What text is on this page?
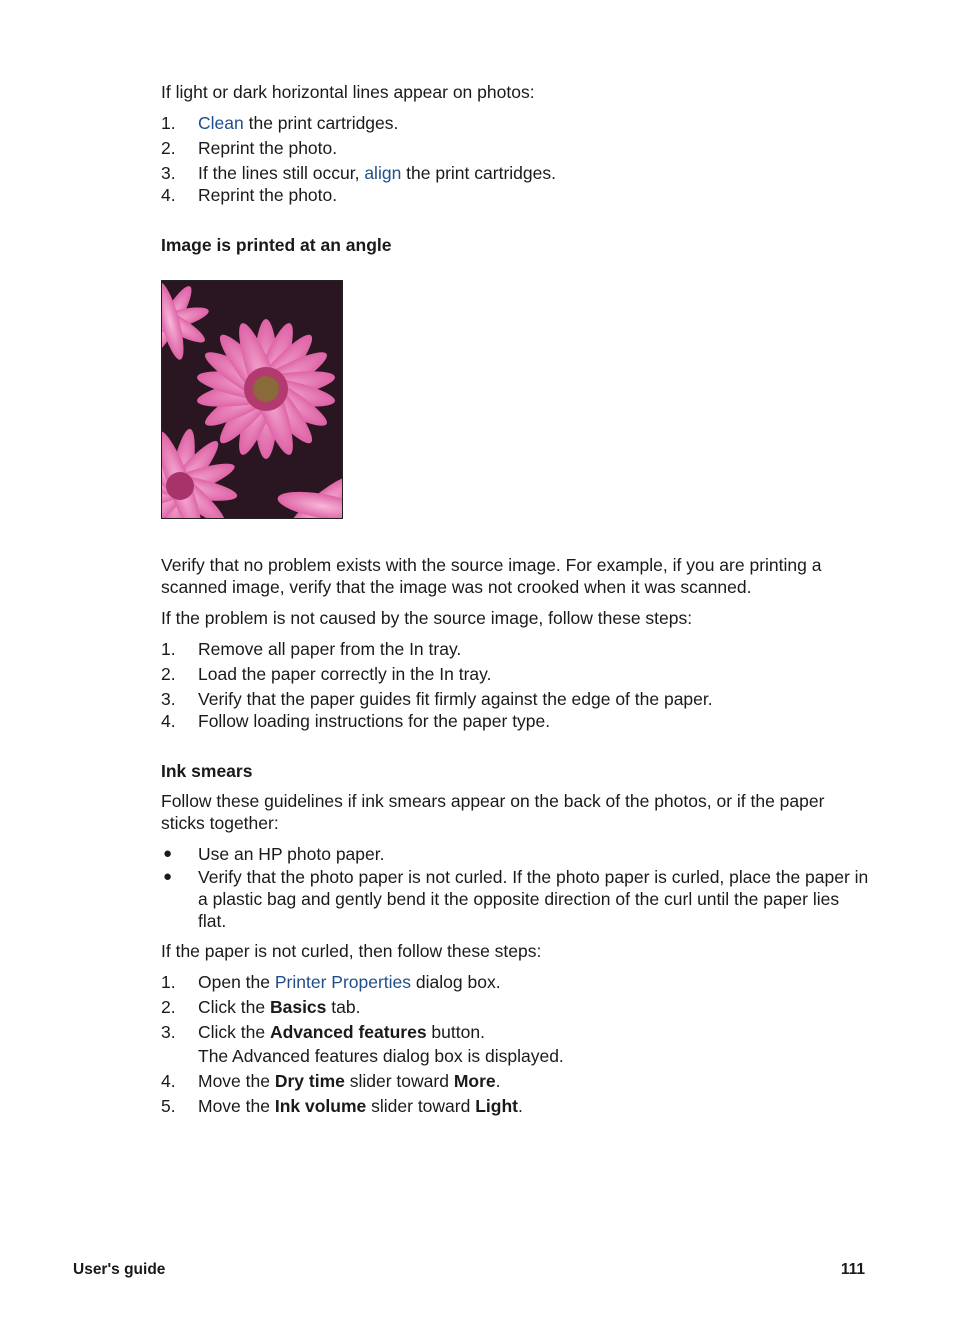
If light or dark horizontal lines appear on photos:

1. Clean the print cartridges.
2. Reprint the photo.
3. If the lines still occur, align the print cartridges.
4. Reprint the photo.
Image is printed at an angle

Verify that no problem exists with the source image. For example, if you are printing a scanned image, verify that the image was not crooked when it was scanned.

If the problem is not caused by the source image, follow these steps:

1. Remove all paper from the In tray.
2. Load the paper correctly in the In tray.
3. Verify that the paper guides fit firmly against the edge of the paper.
4. Follow loading instructions for the paper type.
Ink smears

Follow these guidelines if ink smears appear on the back of the photos, or if the paper sticks together:

● Use an HP photo paper.
● Verify that the photo paper is not curled. If the photo paper is curled, place the paper in a plastic bag and gently bend it the opposite direction of the curl until the paper lies flat.

If the paper is not curled, then follow these steps:

1. Open the Printer Properties dialog box.
2. Click the Basics tab.
3. Click the Advanced features button.
The Advanced features dialog box is displayed.
4. Move the Dry time slider toward More.
5. Move the Ink volume slider toward Light.
User's guide	111
